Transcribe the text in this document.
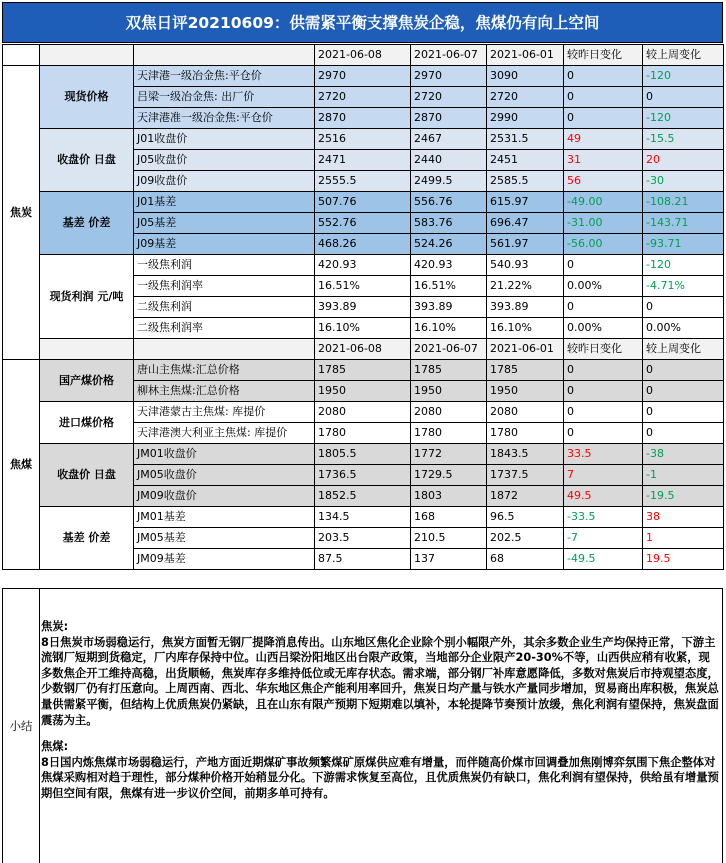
双焦日评20210609：供需紧平衡支撑焦炭企稳，焦煤仍有向上空间
			2021-06-08	2021-06-07	2021-06-01	较昨日变化	较上周变化
焦炭	现货价格	天津港一级冶金焦:平仓价	2970	2970	3090	0	-120
		吕梁一级冶金焦: 出厂价	2720	2720	2720	0	0
		天津港准一级冶金焦:平仓价	2870	2870	2990	0	-120
	收盘价 日盘	J01收盘价	2516	2467	2531.5	49	-15.5
		J05收盘价	2471	2440	2451	31	20
		J09收盘价	2555.5	2499.5	2585.5	56	-30
	基差 价差	J01基差	507.76	556.76	615.97	-49.00	-108.21
		J05基差	552.76	583.76	696.47	-31.00	-143.71
		J09基差	468.26	524.26	561.97	-56.00	-93.71
	现货利润 元/吨	一级焦利润	420.93	420.93	540.93	0	-120
		一级焦利润率	16.51%	16.51%	21.22%	0.00%	-4.71%
		二级焦利润	393.89	393.89	393.89	0	0
		二级焦利润率	16.10%	16.10%	16.10%	0.00%	0.00%
			2021-06-08	2021-06-07	2021-06-01	较昨日变化	较上周变化
焦煤	国产煤价格	唐山主焦煤:汇总价格	1785	1785	1785	0	0
		柳林主焦煤:汇总价格	1950	1950	1950	0	0
	进口煤价格	天津港蒙古主焦煤: 库提价	2080	2080	2080	0	0
		天津港澳大利亚主焦煤: 库提价	1780	1780	1780	0	0
	收盘价 日盘	JM01收盘价	1805.5	1772	1843.5	33.5	-38
		JM05收盘价	1736.5	1729.5	1737.5	7	-1
		JM09收盘价	1852.5	1803	1872	49.5	-19.5
	基差 价差	JM01基差	134.5	168	96.5	-33.5	38
		JM05基差	203.5	210.5	202.5	-7	1
		JM09基差	87.5	137	68	-49.5	19.5
小结

焦炭:

8日焦炭市场弱稳运行，焦炭方面暂无钢厂提降消息传出。山东地区焦化企业除个别小幅限产外，其余多数企业生产均保持正常，下游主流钢厂短期到货稳定，厂内库存保持中位。山西吕梁汾阳地区出台限产政策，当地部分企业限产20-30%不等，山西供应稍有收紧，现多数焦企开工维持高稳，出货顺畅，焦炭库存多维持低位或无库存状态。需求端，部分钢厂补库意愿降低，多数对焦炭后市持观望态度，少数钢厂仍有打压意向。上周西南、西北、华东地区焦企产能利用率回升，焦炭日均产量与铁水产量同步增加，贸易商出库积极，焦炭总量供需紧平衡，但结构上优质焦炭仍紧缺，且在山东有限产预期下短期难以填补，本轮提降节奏预计放缓，焦化利润有望保持，焦炭盘面震荡为主。

焦煤:

8日国内炼焦煤市场弱稳运行，产地方面近期煤矿事故频繁煤矿原煤供应难有增量，而伴随高价煤市回调叠加焦刚博弈氛围下焦企整体对焦煤采购相对趋于理性，部分煤种价格开始稍显分化。下游需求恢复至高位，且优质焦炭仍有缺口，焦化利润有望保持，供给虽有增量预期但空间有限，焦煤有进一步议价空间，前期多单可持有。
